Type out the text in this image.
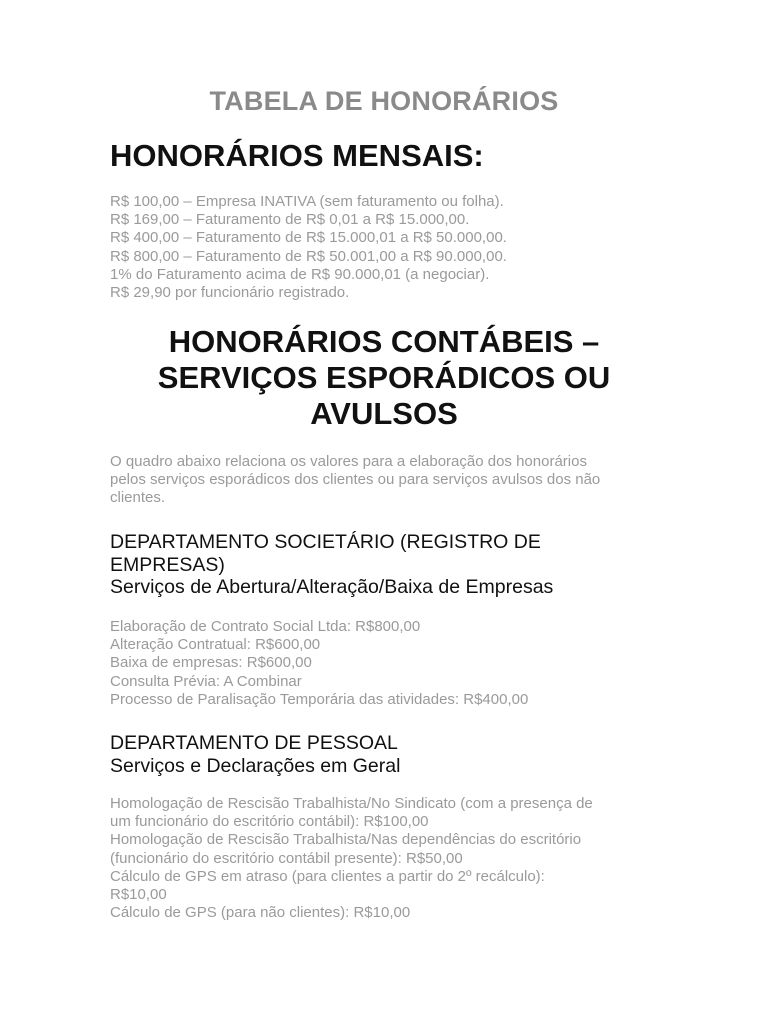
TABELA DE HONORÁRIOS
HONORÁRIOS MENSAIS:
R$ 100,00 – Empresa INATIVA (sem faturamento ou folha).
R$ 169,00 – Faturamento de R$ 0,01 a R$ 15.000,00.
R$ 400,00 – Faturamento de R$ 15.000,01 a R$ 50.000,00.
R$ 800,00 – Faturamento de R$ 50.001,00 a R$ 90.000,00.
1% do Faturamento acima de R$ 90.000,01 (a negociar).
R$ 29,90 por funcionário registrado.
HONORÁRIOS CONTÁBEIS –
SERVIÇOS ESPORÁDICOS OU
AVULSOS
O quadro abaixo relaciona os valores para a elaboração dos honorários
pelos serviços esporádicos dos clientes ou para serviços avulsos dos não
clientes.
DEPARTAMENTO SOCIETÁRIO (REGISTRO DE
EMPRESAS)
Serviços de Abertura/Alteração/Baixa de Empresas
Elaboração de Contrato Social Ltda: R$800,00
Alteração Contratual: R$600,00
Baixa de empresas: R$600,00
Consulta Prévia: A Combinar
Processo de Paralisação Temporária das atividades: R$400,00
DEPARTAMENTO DE PESSOAL
Serviços e Declarações em Geral
Homologação de Rescisão Trabalhista/No Sindicato (com a presença de
um funcionário do escritório contábil): R$100,00
Homologação de Rescisão Trabalhista/Nas dependências do escritório
(funcionário do escritório contábil presente): R$50,00
Cálculo de GPS em atraso (para clientes a partir do 2º recálculo):
R$10,00
Cálculo de GPS (para não clientes): R$10,00
